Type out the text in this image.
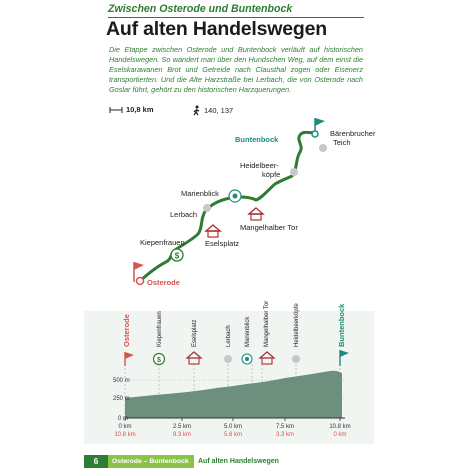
Zwischen Osterode und Buntenbock
Auf alten Handelswegen
Die Etappe zwischen Osterode und Buntenbock verläuft auf historischen Handelswegen. So wandert man über den Hundschen Weg, auf dem einst die Eselskarawanen Brot und Getreide nach Clausthal zogen oder Eisenerz transportierten. Und die Alte Harzstraße bei Lerbach, die von Osterode nach Goslar führt, gehört zu den historischen Harzquerungen.
10,8 km	140, 137
$
Buntenbock
Bärenbrucher
Teich
Heidelbeer-
köpfe
Marienblick
Lerbach
Mangelhalber Tor
Kiepenfrauen	Eselsplatz
Osterode
500 m
250 m
0 m
0 km	2.5 km	5.0 km	7.5 km	10.8 km
10.8 km	8.3 km	5.8 km	3.3 km	0 km
$
Osterode	Kiepenfrauen	Eselsplatz	Lerbach Marienblick Mangelhalber Tor	Heidelbeerköpfe	Buntenbock
6	Osterode – Buntenbock	Auf alten Handelswegen
